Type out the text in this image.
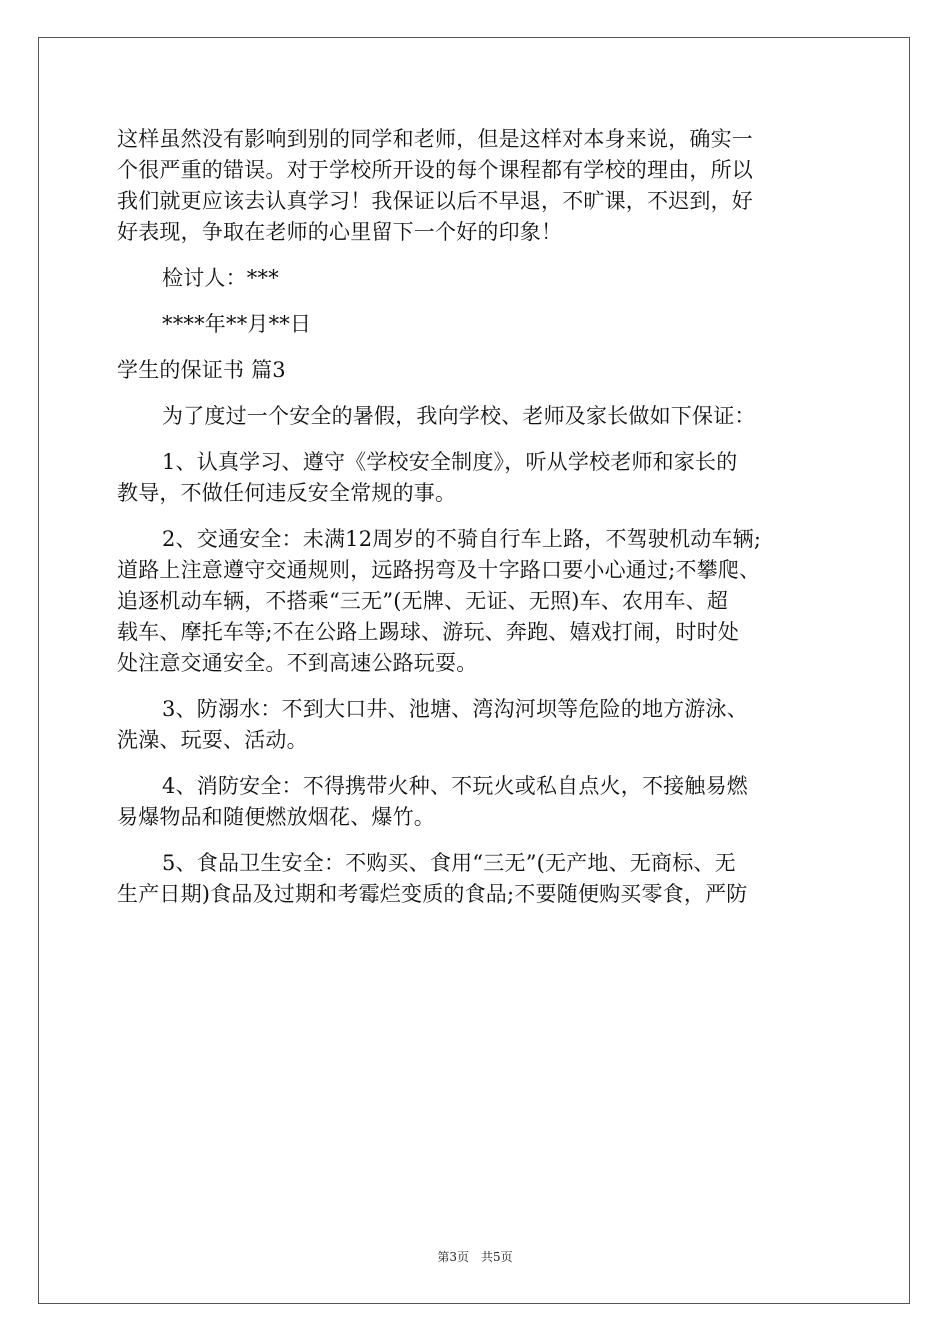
这样虽然没有影响到别的同学和老师，但是这样对本身来说，确实一
个很严重的错误。对于学校所开设的每个课程都有学校的理由，所以
我们就更应该去认真学习！我保证以后不早退，不旷课，不迟到，好
好表现，争取在老师的心里留下一个好的印象！
检讨人：***
****年**月**日
学生的保证书 篇3
为了度过一个安全的暑假，我向学校、老师及家长做如下保证：
1、认真学习、遵守《学校安全制度》，听从学校老师和家长的
教导，不做任何违反安全常规的事。
2、交通安全：未满12周岁的不骑自行车上路，不驾驶机动车辆;
道路上注意遵守交通规则，远路拐弯及十字路口要小心通过;不攀爬、
追逐机动车辆，不搭乘“三无”(无牌、无证、无照)车、农用车、超
载车、摩托车等;不在公路上踢球、游玩、奔跑、嬉戏打闹，时时处
处注意交通安全。不到高速公路玩耍。
3、防溺水：不到大口井、池塘、湾沟河坝等危险的地方游泳、
洗澡、玩耍、活动。
4、消防安全：不得携带火种、不玩火或私自点火，不接触易燃
易爆物品和随便燃放烟花、爆竹。
5、食品卫生安全：不购买、食用“三无”(无产地、无商标、无
生产日期)食品及过期和考霉烂变质的食品;不要随便购买零食，严防
第3页　共5页
